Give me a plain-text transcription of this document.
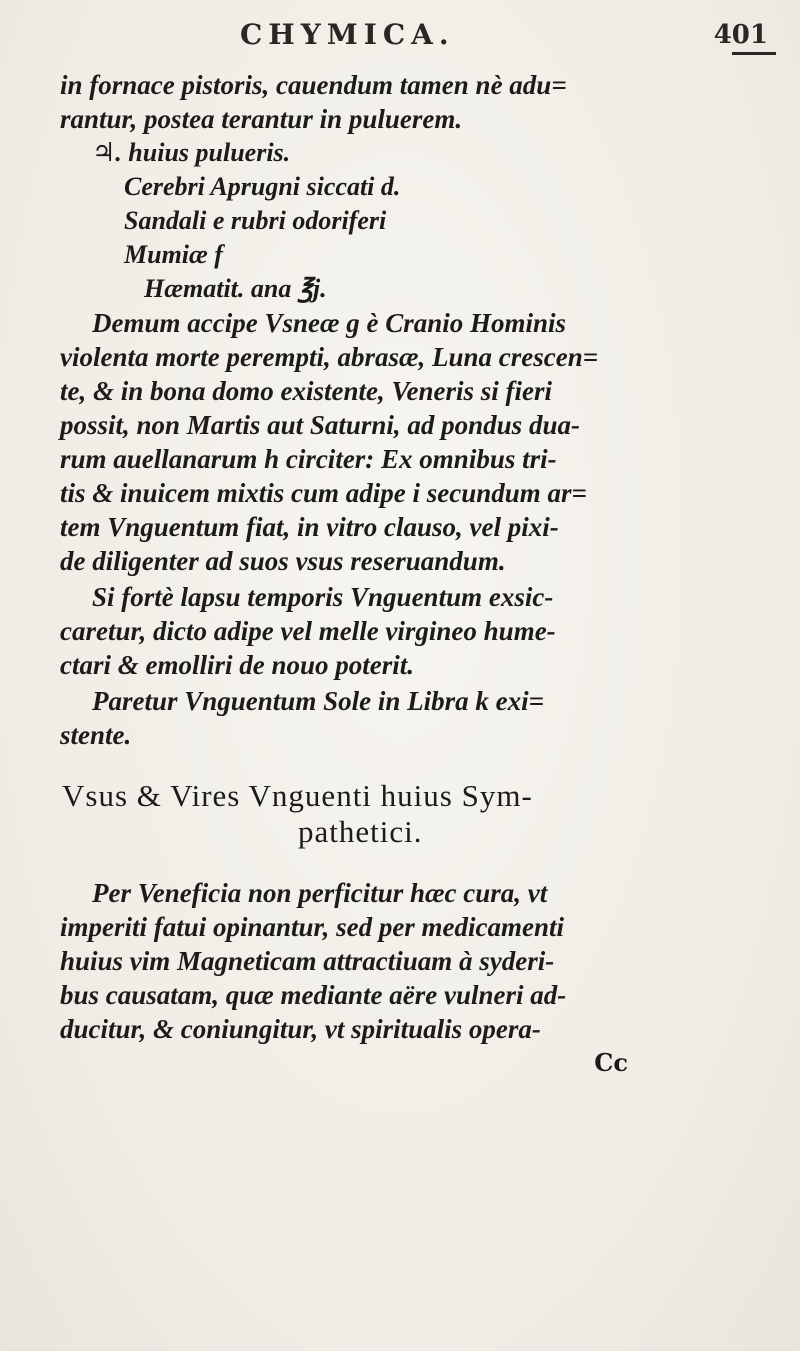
CHYMICA.	401
in fornace pistoris, cauendum tamen nè adu=
rantur, postea terantur in puluerem.
♃. huius pulueris.
Cerebri Aprugni siccati d.
Sandali e rubri odoriferi
Mumiæ f
Hæmatit. ana ℥j.
Demum accipe Vsneæ g è Cranio Hominis
violenta morte perempti, abrasæ, Luna crescen=
te, & in bona domo existente, Veneris si fieri
possit, non Martis aut Saturni, ad pondus dua-
rum auellanarum h circiter: Ex omnibus tri-
tis & inuicem mixtis cum adipe i secundum ar=
tem Vnguentum fiat, in vitro clauso, vel pixi-
de diligenter ad suos vsus reseruandum.
Si fortè lapsu temporis Vnguentum exsic-
caretur, dicto adipe vel melle virgineo hume-
ctari & emolliri de nouo poterit.
Paretur Vnguentum Sole in Libra k exi=
stente.
Vsus & Vires Vnguenti huius Sym-
pathetici.
Per Veneficia non perficitur hæc cura, vt
imperiti fatui opinantur, sed per medicamenti
huius vim Magneticam attractiuam à syderi-
bus causatam, quæ mediante aëre vulneri ad-
ducitur, & coniungitur, vt spiritualis opera-
Cc
